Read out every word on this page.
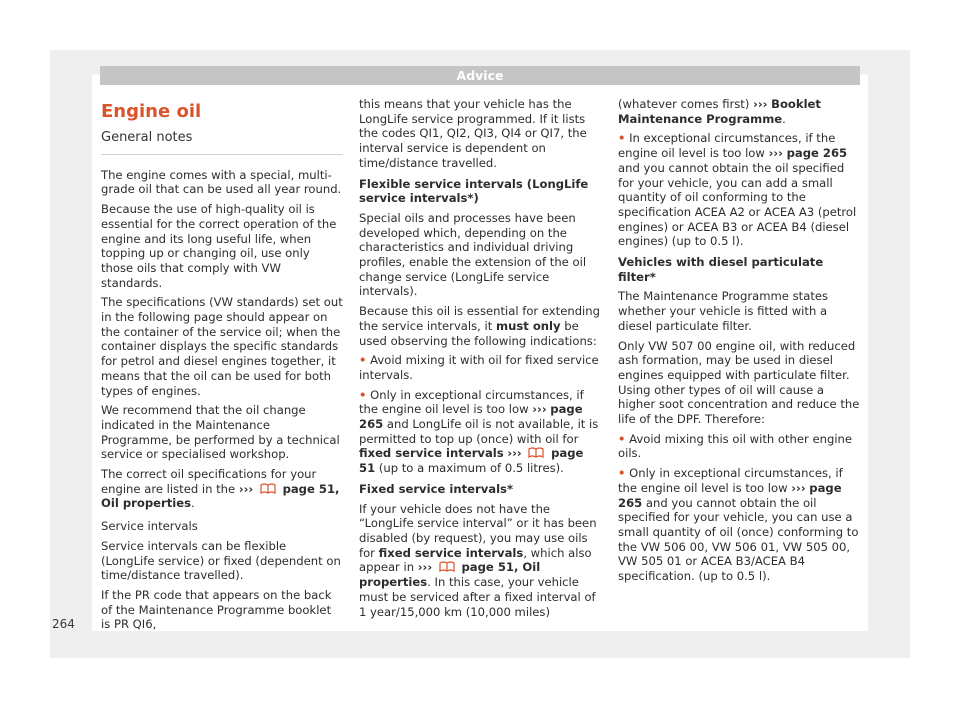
Advice
Engine oil
General notes

The engine comes with a special, multi-grade oil that can be used all year round.

Because the use of high-quality oil is essential for the correct operation of the engine and its long useful life, when topping up or changing oil, use only those oils that comply with VW standards.

The specifications (VW standards) set out in the following page should appear on the container of the service oil; when the container displays the specific standards for petrol and diesel engines together, it means that the oil can be used for both types of engines.

We recommend that the oil change indicated in the Maintenance Programme, be performed by a technical service or specialised workshop.

The correct oil specifications for your engine are listed in the ›››	page 51, Oil properties.

Service intervals

Service intervals can be flexible (LongLife service) or fixed (dependent on time/distance travelled).

If the PR code that appears on the back of the Maintenance Programme booklet is PR QI6,

this means that your vehicle has the LongLife service programmed. If it lists the codes QI1, QI2, QI3, QI4 or QI7, the interval service is dependent on time/distance travelled.

Flexible service intervals (LongLife service intervals*)

Special oils and processes have been developed which, depending on the characteristics and individual driving profiles, enable the extension of the oil change service (LongLife service intervals).

Because this oil is essential for extending the service intervals, it must only be used observing the following indications:

• Avoid mixing it with oil for fixed service intervals.

• Only in exceptional circumstances, if the engine oil level is too low ››› page 265 and LongLife oil is not available, it is permitted to top up (once) with oil for fixed service intervals ›››	page 51 (up to a maximum of 0.5 litres).

Fixed service intervals*

If your vehicle does not have the “LongLife service interval” or it has been disabled (by request), you may use oils for fixed service intervals, which also appear in ›››	page 51, Oil properties. In this case, your vehicle must be serviced after a fixed interval of 1 year/15,000 km (10,000 miles)

(whatever comes first) ››› Booklet Maintenance Programme.

• In exceptional circumstances, if the engine oil level is too low ››› page 265 and you cannot obtain the oil specified for your vehicle, you can add a small quantity of oil conforming to the specification ACEA A2 or ACEA A3 (petrol engines) or ACEA B3 or ACEA B4 (diesel engines) (up to 0.5 l).

Vehicles with diesel particulate filter*

The Maintenance Programme states whether your vehicle is fitted with a diesel particulate filter.

Only VW 507 00 engine oil, with reduced ash formation, may be used in diesel engines equipped with particulate filter. Using other types of oil will cause a higher soot concentration and reduce the life of the DPF. Therefore:

• Avoid mixing this oil with other engine oils.

• Only in exceptional circumstances, if the engine oil level is too low ››› page 265 and you cannot obtain the oil specified for your vehicle, you can use a small quantity of oil (once) conforming to the VW 506 00, VW 506 01, VW 505 00, VW 505 01 or ACEA B3/ACEA B4 specification. (up to 0.5 l).

264
